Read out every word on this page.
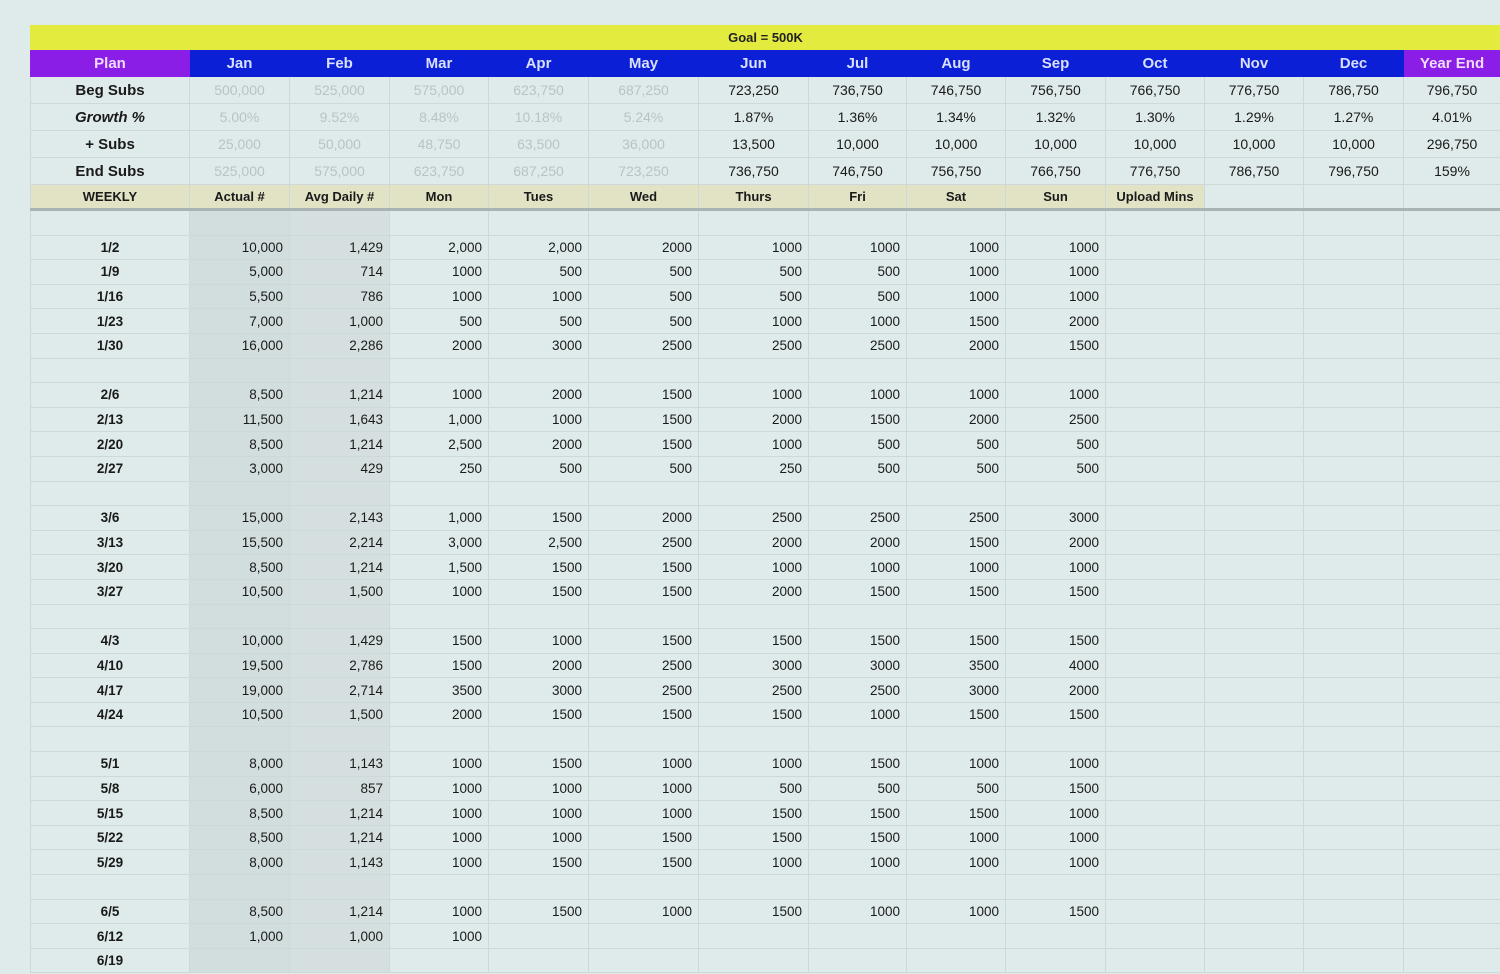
Goal = 500K													
Plan	Jan	Feb	Mar	Apr	May	Jun	Jul	Aug	Sep	Oct	Nov	Dec	Year End
Beg Subs	500,000	525,000	575,000	623,750	687,250	723,250	736,750	746,750	756,750	766,750	776,750	786,750	796,750
Growth %	5.00%	9.52%	8.48%	10.18%	5.24%	1.87%	1.36%	1.34%	1.32%	1.30%	1.29%	1.27%	4.01%
+ Subs	25,000	50,000	48,750	63,500	36,000	13,500	10,000	10,000	10,000	10,000	10,000	10,000	296,750
End Subs	525,000	575,000	623,750	687,250	723,250	736,750	746,750	756,750	766,750	776,750	786,750	796,750	159%
WEEKLY	Actual #	Avg Daily #	Mon	Tues	Wed	Thurs	Fri	Sat	Sun	Upload Mins			

1/2	10,000	1,429	2,000	2,000	2000	1000	1000	1000	1000				
1/9	5,000	714	1000	500	500	500	500	1000	1000				
1/16	5,500	786	1000	1000	500	500	500	1000	1000				
1/23	7,000	1,000	500	500	500	1000	1000	1500	2000				
1/30	16,000	2,286	2000	3000	2500	2500	2500	2000	1500				

2/6	8,500	1,214	1000	2000	1500	1000	1000	1000	1000				
2/13	11,500	1,643	1,000	1000	1500	2000	1500	2000	2500				
2/20	8,500	1,214	2,500	2000	1500	1000	500	500	500				
2/27	3,000	429	250	500	500	250	500	500	500				

3/6	15,000	2,143	1,000	1500	2000	2500	2500	2500	3000				
3/13	15,500	2,214	3,000	2,500	2500	2000	2000	1500	2000				
3/20	8,500	1,214	1,500	1500	1500	1000	1000	1000	1000				
3/27	10,500	1,500	1000	1500	1500	2000	1500	1500	1500				

4/3	10,000	1,429	1500	1000	1500	1500	1500	1500	1500				
4/10	19,500	2,786	1500	2000	2500	3000	3000	3500	4000				
4/17	19,000	2,714	3500	3000	2500	2500	2500	3000	2000				
4/24	10,500	1,500	2000	1500	1500	1500	1000	1500	1500				

5/1	8,000	1,143	1000	1500	1000	1000	1500	1000	1000				
5/8	6,000	857	1000	1000	1000	500	500	500	1500				
5/15	8,500	1,214	1000	1000	1000	1500	1500	1500	1000				
5/22	8,500	1,214	1000	1000	1500	1500	1500	1000	1000				
5/29	8,000	1,143	1000	1500	1500	1000	1000	1000	1000				

6/5	8,500	1,214	1000	1500	1000	1500	1000	1000	1500				
6/12	1,000	1,000	1000										
6/19													
